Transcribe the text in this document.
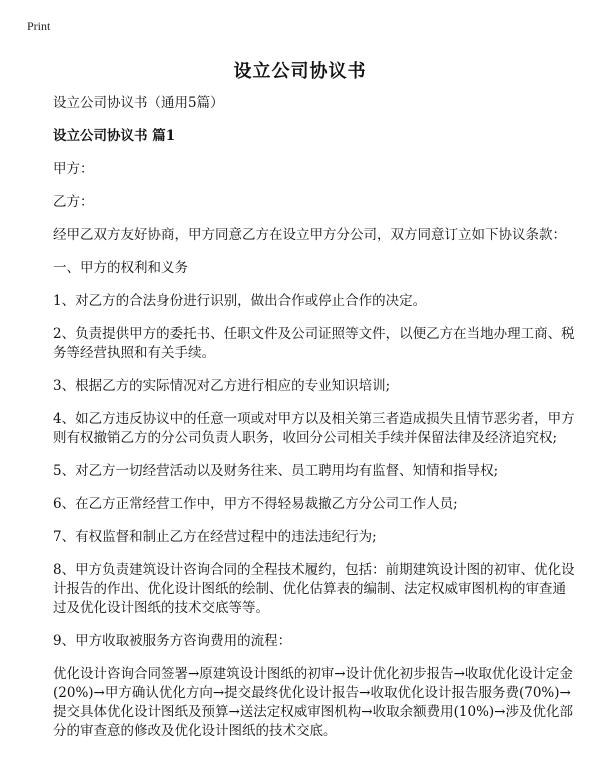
Print
设立公司协议书

设立公司协议书（通用5篇）

设立公司协议书 篇1

甲方：

乙方：

经甲乙双方友好协商，甲方同意乙方在设立甲方分公司，双方同意订立如下协议条款：

一、甲方的权利和义务

1、对乙方的合法身份进行识别，做出合作或停止合作的决定。

2、负责提供甲方的委托书、任职文件及公司证照等文件，以便乙方在当地办理工商、税务等经营执照和有关手续。

3、根据乙方的实际情况对乙方进行相应的专业知识培训;

4、如乙方违反协议中的任意一项或对甲方以及相关第三者造成损失且情节恶劣者，甲方则有权撤销乙方的分公司负责人职务，收回分公司相关手续并保留法律及经济追究权;

5、对乙方一切经营活动以及财务往来、员工聘用均有监督、知情和指导权;

6、在乙方正常经营工作中，甲方不得轻易裁撤乙方分公司工作人员;

7、有权监督和制止乙方在经营过程中的违法违纪行为;

8、甲方负责建筑设计咨询合同的全程技术履约，包括：前期建筑设计图的初审、优化设计报告的作出、优化设计图纸的绘制、优化估算表的编制、法定权威审图机构的审查通过及优化设计图纸的技术交底等等。

9、甲方收取被服务方咨询费用的流程：

优化设计咨询合同签署→原建筑设计图纸的初审→设计优化初步报告→收取优化设计定金(20%)→甲方确认优化方向→提交最终优化设计报告→收取优化设计报告服务费(70%)→提交具体优化设计图纸及预算→送法定权威审图机构→收取余额费用(10%)→涉及优化部分的审查意的修改及优化设计图纸的技术交底。
